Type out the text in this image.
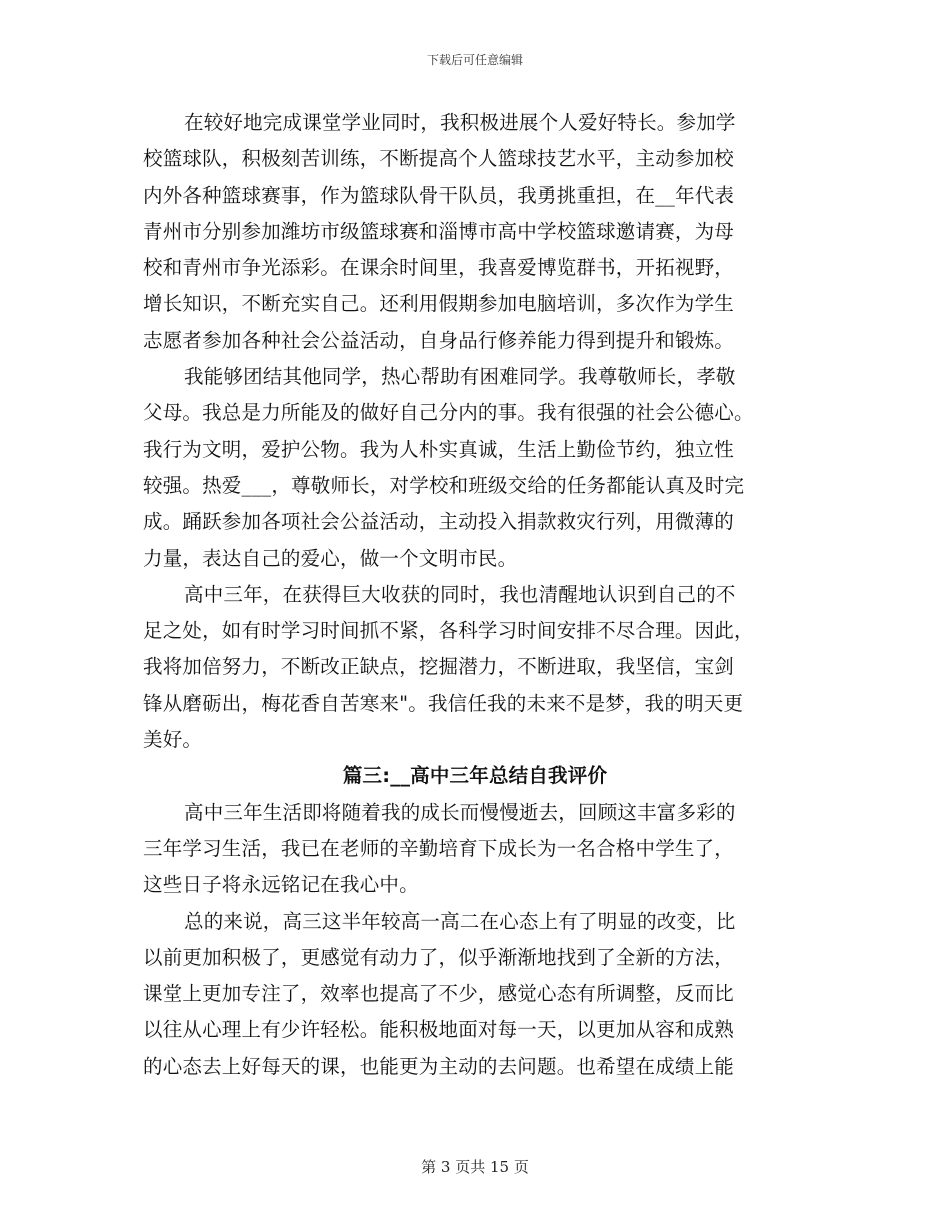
下载后可任意编辑
在较好地完成课堂学业同时，我积极进展个人爱好特长。参加学
校篮球队，积极刻苦训练，不断提高个人篮球技艺水平，主动参加校
内外各种篮球赛事，作为篮球队骨干队员，我勇挑重担，在__年代表
青州市分别参加潍坊市级篮球赛和淄博市高中学校篮球邀请赛，为母
校和青州市争光添彩。在课余时间里，我喜爱博览群书，开拓视野，
增长知识，不断充实自己。还利用假期参加电脑培训，多次作为学生
志愿者参加各种社会公益活动，自身品行修养能力得到提升和锻炼。
我能够团结其他同学，热心帮助有困难同学。我尊敬师长，孝敬
父母。我总是力所能及的做好自己分内的事。我有很强的社会公德心。
我行为文明，爱护公物。我为人朴实真诚，生活上勤俭节约，独立性
较强。热爱___，尊敬师长，对学校和班级交给的任务都能认真及时完
成。踊跃参加各项社会公益活动，主动投入捐款救灾行列，用微薄的
力量，表达自己的爱心，做一个文明市民。
高中三年，在获得巨大收获的同时，我也清醒地认识到自己的不
足之处，如有时学习时间抓不紧，各科学习时间安排不尽合理。因此，
我将加倍努力，不断改正缺点，挖掘潜力，不断进取，我坚信，宝剑
锋从磨砺出，梅花香自苦寒来"。我信任我的未来不是梦，我的明天更
美好。
篇三:__高中三年总结自我评价
高中三年生活即将随着我的成长而慢慢逝去，回顾这丰富多彩的
三年学习生活，我已在老师的辛勤培育下成长为一名合格中学生了，
这些日子将永远铭记在我心中。
总的来说，高三这半年较高一高二在心态上有了明显的改变，比
以前更加积极了，更感觉有动力了，似乎渐渐地找到了全新的方法，
课堂上更加专注了，效率也提高了不少，感觉心态有所调整，反而比
以往从心理上有少许轻松。能积极地面对每一天，以更加从容和成熟
的心态去上好每天的课，也能更为主动的去问题。也希望在成绩上能
第 3 页共 15 页
